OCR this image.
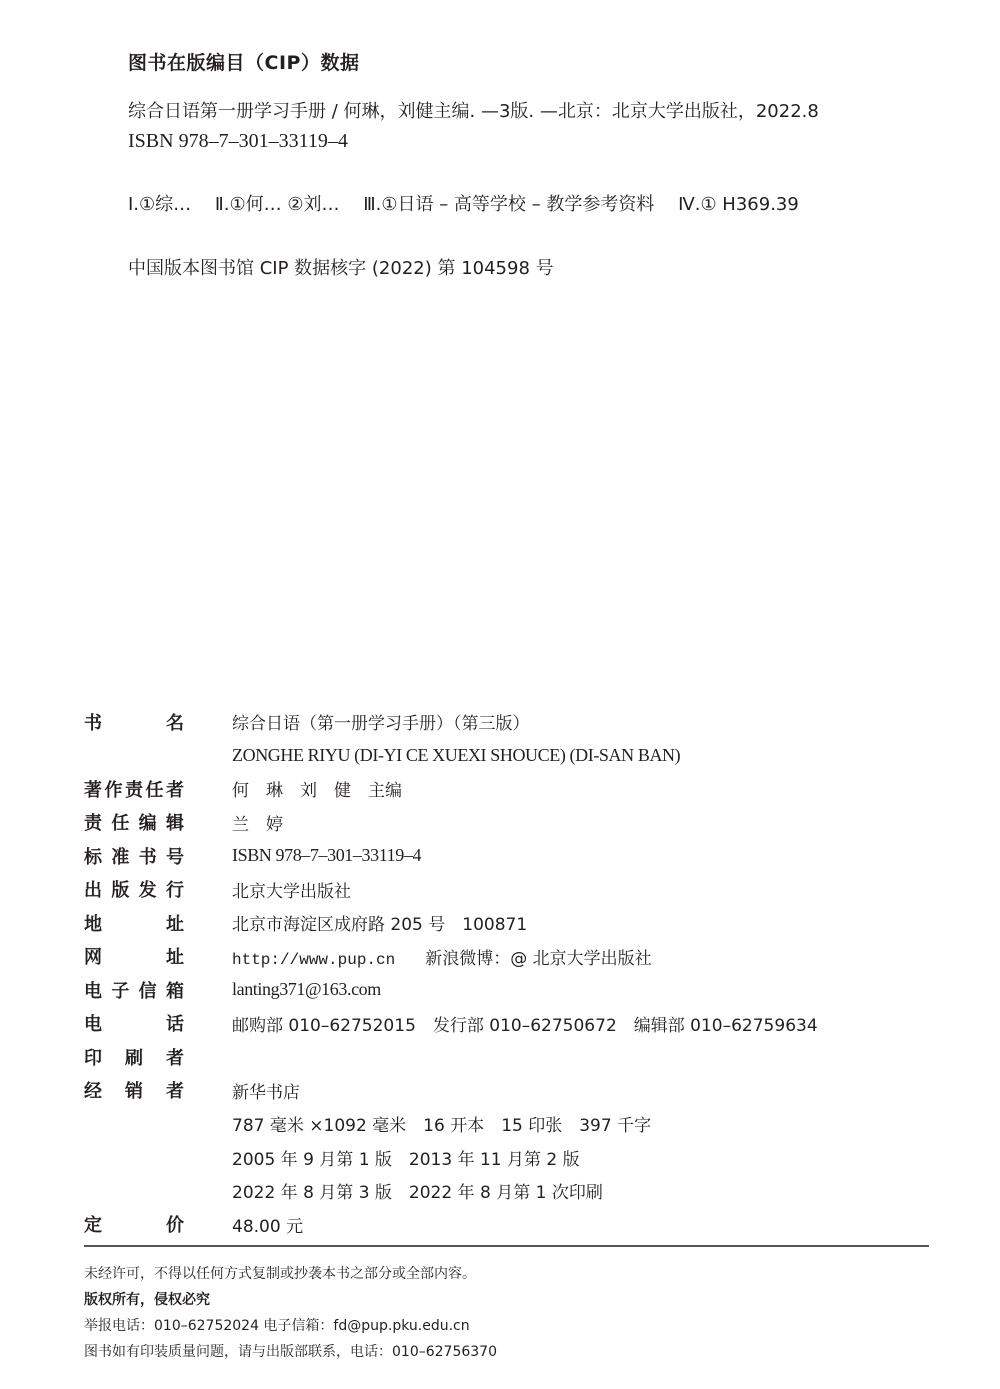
图书在版编目（CIP）数据
综合日语第一册学习手册 / 何琳，刘健主编. —3版. —北京：北京大学出版社，2022.8
ISBN 978–7–301–33119–4
Ⅰ.①综… Ⅱ.①何… ②刘… Ⅲ.①日语 – 高等学校 – 教学参考资料 Ⅳ.① H369.39
中国版本图书馆 CIP 数据核字 (2022) 第 104598 号
书	名	综合日语（第一册学习手册）（第三版）
ZONGHE RIYU (DI-YI CE XUEXI SHOUCE) (DI-SAN BAN)
著 作 责 任 者	何　琳　刘　健　主编
责 任 编 辑	兰　婷
标 准 书 号	ISBN 978–7–301–33119–4
出 版 发 行	北京大学出版社
地	址	北京市海淀区成府路 205 号　100871
网	址	http://www.pup.cn 新浪微博：@ 北京大学出版社
电 子 信 箱	lanting371@163.com
电	话	邮购部 010–62752015　发行部 010–62750672　编辑部 010–62759634
印 刷 者
经 销 者	新华书店
787 毫米 ×1092 毫米　16 开本　15 印张　397 千字
2005 年 9 月第 1 版　2013 年 11 月第 2 版
2022 年 8 月第 3 版　2022 年 8 月第 1 次印刷
定	价	48.00 元
未经许可，不得以任何方式复制或抄袭本书之部分或全部内容。
版权所有，侵权必究
举报电话：010–62752024 电子信箱：fd@pup.pku.edu.cn
图书如有印装质量问题，请与出版部联系，电话：010–62756370
